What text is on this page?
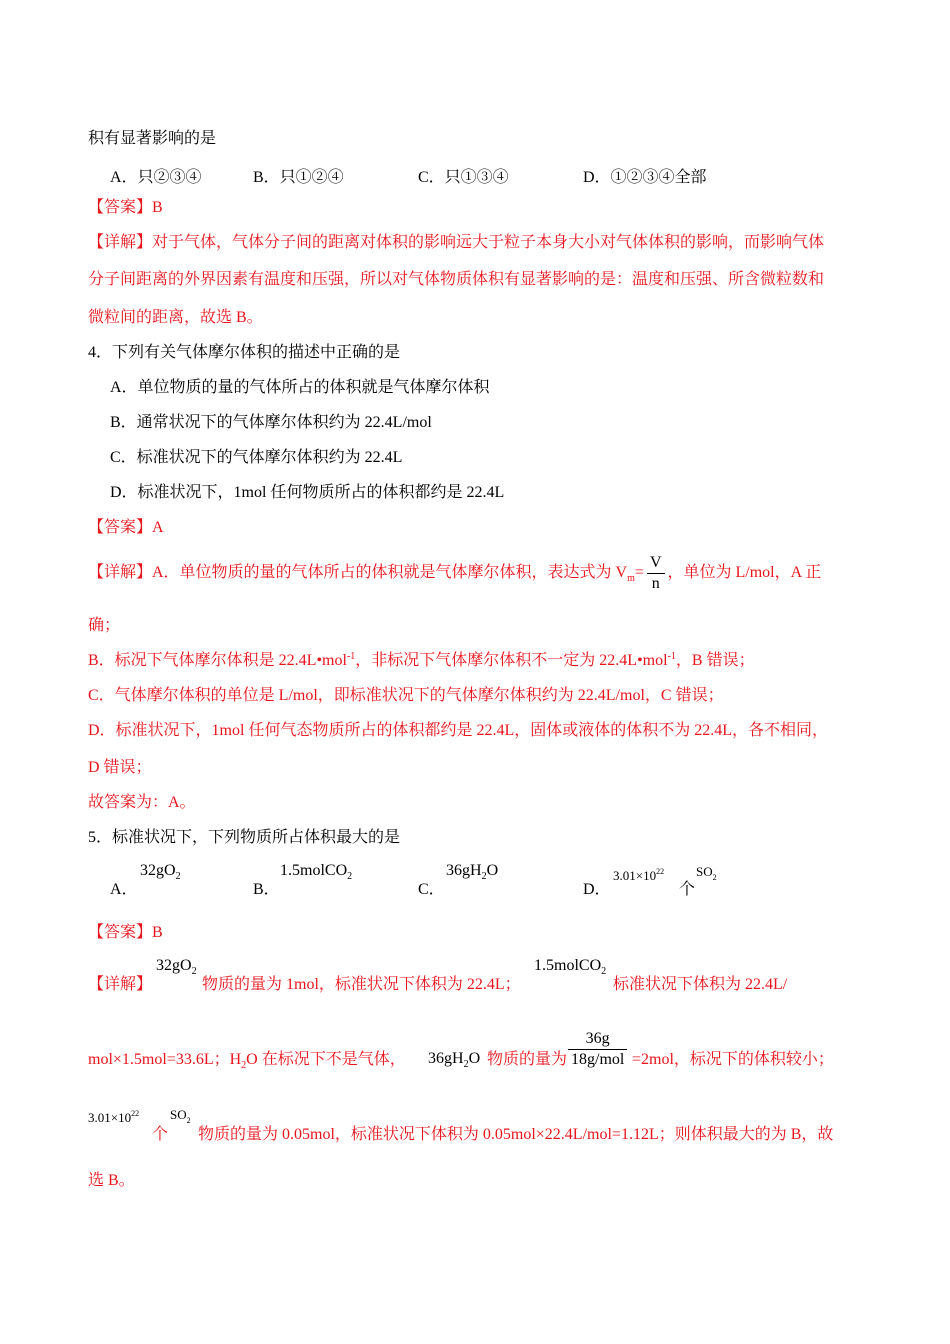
积有显著影响的是
A．只②③④	B．只①②④	C．只①③④	D．①②③④全部
【答案】B
【详解】对于气体，气体分子间的距离对体积的影响远大于粒子本身大小对气体体积的影响，而影响气体
分子间距离的外界因素有温度和压强，所以对气体物质体积有显著影响的是：温度和压强、所含微粒数和
微粒间的距离，故选 B。
4．下列有关气体摩尔体积的描述中正确的是
A．单位物质的量的气体所占的体积就是气体摩尔体积
B．通常状况下的气体摩尔体积约为 22.4L/mol
C．标准状况下的气体摩尔体积约为 22.4L
D．标准状况下，1mol 任何物质所占的体积都约是 22.4L
【答案】A
【详解】A．单位物质的量的气体所占的体积就是气体摩尔体积，表达式为 $V_m= \frac{V}{n}$ ，单位为 L/mol，A 正
确；
B．标况下气体摩尔体积是 22.4L•mol$^{-1}$，非标况下气体摩尔体积不一定为 22.4L•mol$^{-1}$，B 错误；
C．气体摩尔体积的单位是 L/mol，即标准状况下的气体摩尔体积约为 22.4L/mol，C 错误；
D．标准状况下，1mol 任何气态物质所占的体积都约是 22.4L，固体或液体的体积不为 22.4L，各不相同，
D 错误；
故答案为：A。
5．标准状况下，下列物质所占体积最大的是
A．
$32gO_2$
B．
1.5molCO$_2$
C．
$36gH_2O$
D．
$3.01\times 10^{22}$
个
$SO_2$
【答案】B
【详解】
$32gO_2$
物质的量为 1mol，标准状况下体积为 22.4L；
1.5molCO$_2$
标准状况下体积为 22.4L/
mol×1.5mol=33.6L；$H_2O$ 在标况下不是气体， $36gH_2O$ 物质的量为 $\frac{36g}{\text{18g/mol}} =2mol$，标况下的体积较小；
$3.01\times 10^{22}$
个
$SO_2$
物质的量为 0.05mol，标准状况下体积为 0.05mol×22.4L/mol=1.12L；则体积最大的为 B，故
选 B。
